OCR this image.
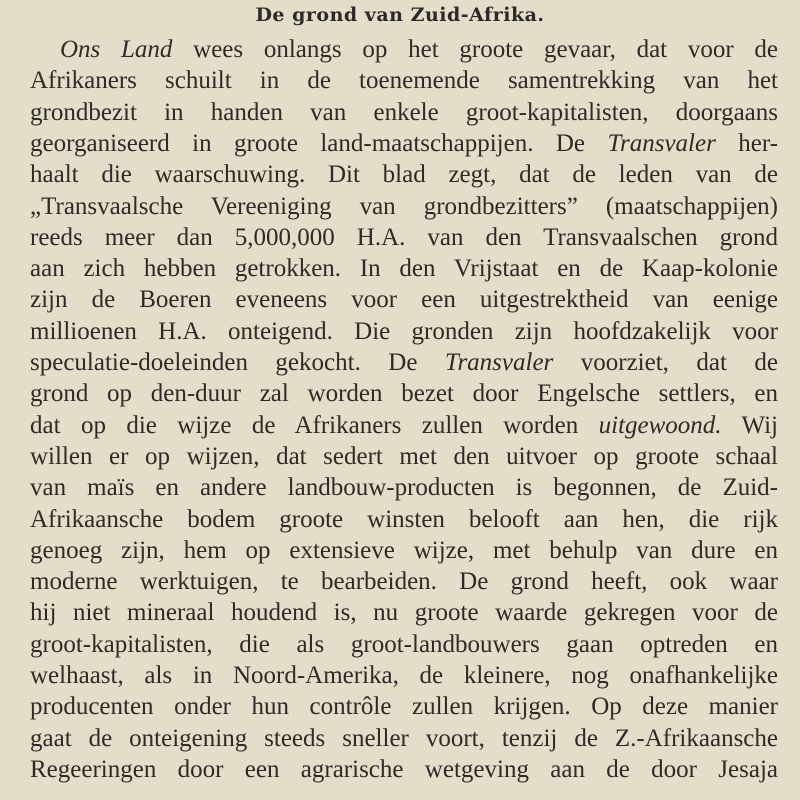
De grond van Zuid-Afrika.
Ons Land wees onlangs op het groote gevaar, dat voor de
Afrikaners schuilt in de toenemende samentrekking van het
grondbezit in handen van enkele groot-kapitalisten, doorgaans
georganiseerd in groote land-maatschappijen. De Transvaler her-
haalt die waarschuwing. Dit blad zegt, dat de leden van de
„Transvaalsche Vereeniging van grondbezitters” (maatschappijen)
reeds meer dan 5,000,000 H.A. van den Transvaalschen grond
aan zich hebben getrokken. In den Vrijstaat en de Kaap-kolonie
zijn de Boeren eveneens voor een uitgestrektheid van eenige
millioenen H.A. onteigend. Die gronden zijn hoofdzakelijk voor
speculatie-doeleinden gekocht. De Transvaler voorziet, dat de
grond op den-duur zal worden bezet door Engelsche settlers, en
dat op die wijze de Afrikaners zullen worden uitgewoond. Wij
willen er op wijzen, dat sedert met den uitvoer op groote schaal
van maïs en andere landbouw-producten is begonnen, de Zuid-
Afrikaansche bodem groote winsten belooft aan hen, die rijk
genoeg zijn, hem op extensieve wijze, met behulp van dure en
moderne werktuigen, te bearbeiden. De grond heeft, ook waar
hij niet mineraal houdend is, nu groote waarde gekregen voor de
groot-kapitalisten, die als groot-landbouwers gaan optreden en
welhaast, als in Noord-Amerika, de kleinere, nog onafhankelijke
producenten onder hun contrôle zullen krijgen. Op deze manier
gaat de onteigening steeds sneller voort, tenzij de Z.-Afrikaansche
Regeeringen door een agrarische wetgeving aan de door Jesaja
